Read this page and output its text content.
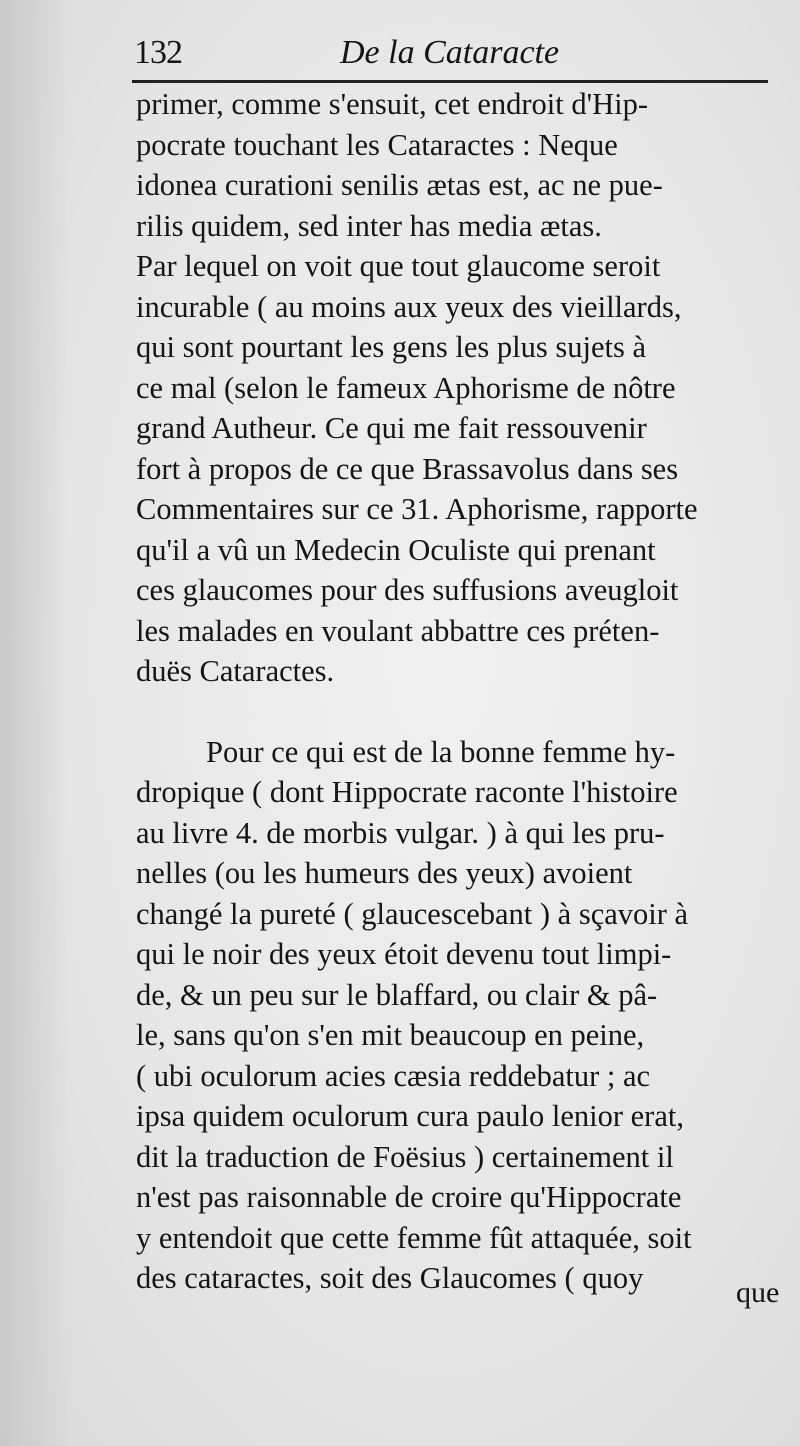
132	De la Cataracte
primer, comme s'ensuit, cet endroit d'Hip-
pocrate touchant les Cataractes : Neque
idonea curationi senilis ætas est, ac ne pue-
rilis quidem, sed inter has media ætas.
Par lequel on voit que tout glaucome seroit
incurable ( au moins aux yeux des vieillards,
qui sont pourtant les gens les plus sujets à
ce mal (selon le fameux Aphorisme de nôtre
grand Autheur. Ce qui me fait ressouvenir
fort à propos de ce que Brassavolus dans ses
Commentaires sur ce 31. Aphorisme, rapporte
qu'il a vû un Medecin Oculiste qui prenant
ces glaucomes pour des suffusions aveugloit
les malades en voulant abbattre ces préten-
duës Cataractes.
Pour ce qui est de la bonne femme hy-
dropique ( dont Hippocrate raconte l'histoire
au livre 4. de morbis vulgar. ) à qui les pru-
nelles (ou les humeurs des yeux) avoient
changé la pureté ( glaucescebant ) à sçavoir à
qui le noir des yeux étoit devenu tout limpi-
de, & un peu sur le blaffard, ou clair & pâ-
le, sans qu'on s'en mit beaucoup en peine,
( ubi oculorum acies cæsia reddebatur ; ac
ipsa quidem oculorum cura paulo lenior erat,
dit la traduction de Foësius ) certainement il
n'est pas raisonnable de croire qu'Hippocrate
y entendoit que cette femme fût attaquée, soit
des cataractes, soit des Glaucomes ( quoy	que
